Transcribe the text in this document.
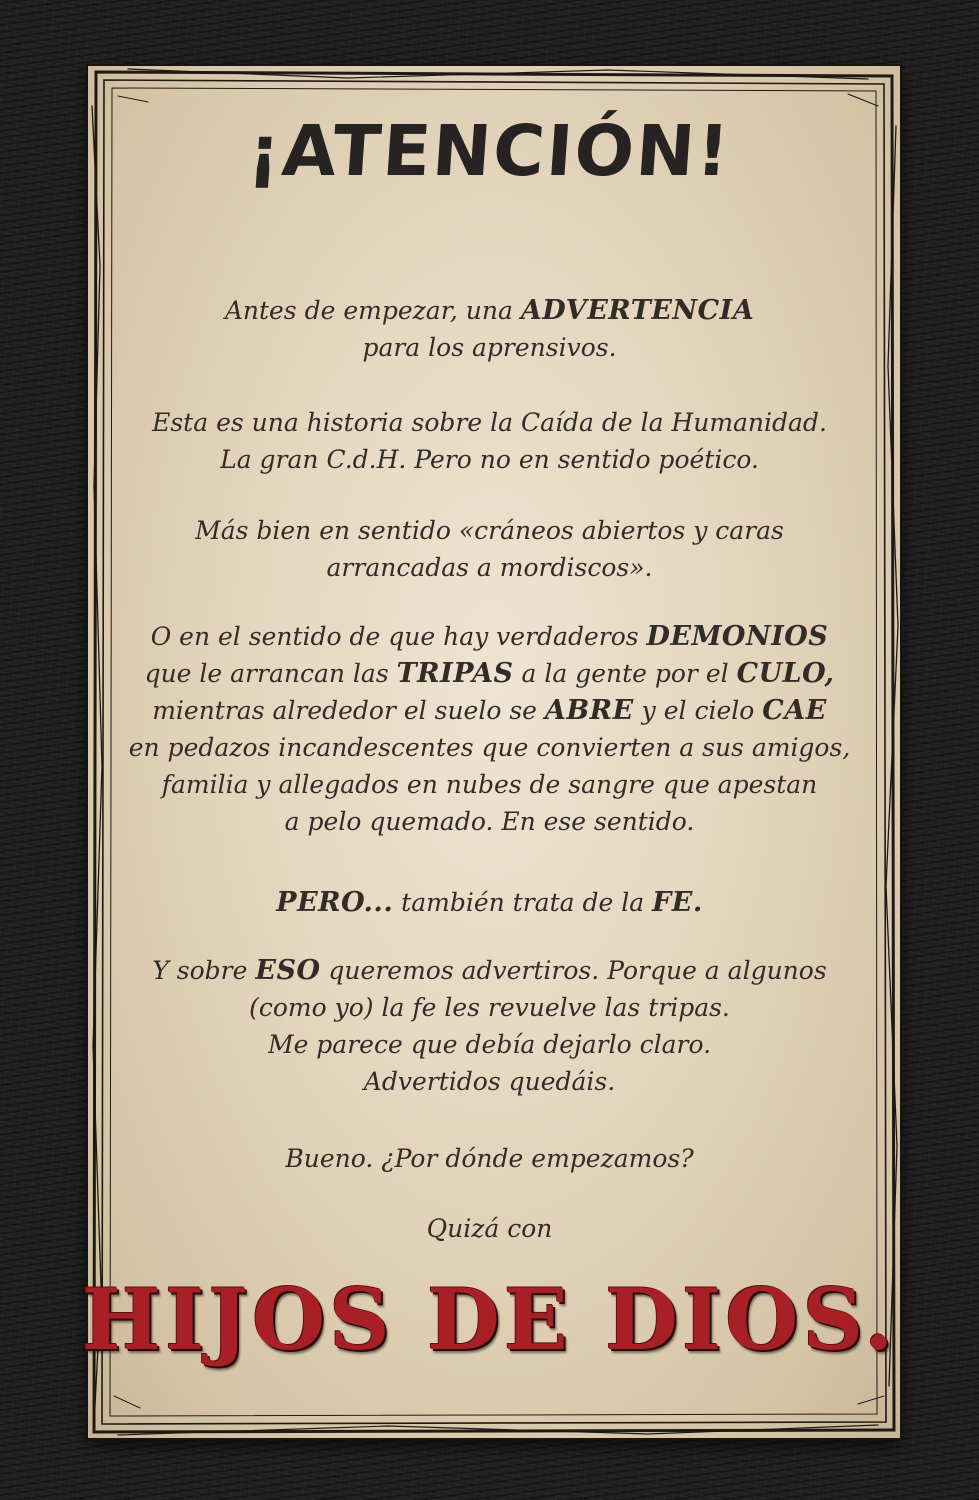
¡ATENCIÓN!

Antes de empezar, una ADVERTENCIA
para los aprensivos.

Esta es una historia sobre la Caída de la Humanidad.
La gran C.d.H. Pero no en sentido poético.

Más bien en sentido «cráneos abiertos y caras
arrancadas a mordiscos».

O en el sentido de que hay verdaderos DEMONIOS
que le arrancan las TRIPAS a la gente por el CULO,
mientras alrededor el suelo se ABRE y el cielo CAE
en pedazos incandescentes que convierten a sus amigos,
familia y allegados en nubes de sangre que apestan
a pelo quemado. En ese sentido.

PERO... también trata de la FE.

Y sobre ESO queremos advertiros. Porque a algunos
(como yo) la fe les revuelve las tripas.
Me parece que debía dejarlo claro.
Advertidos quedáis.

Bueno. ¿Por dónde empezamos?

Quizá con

HIJOS DE DIOS.
